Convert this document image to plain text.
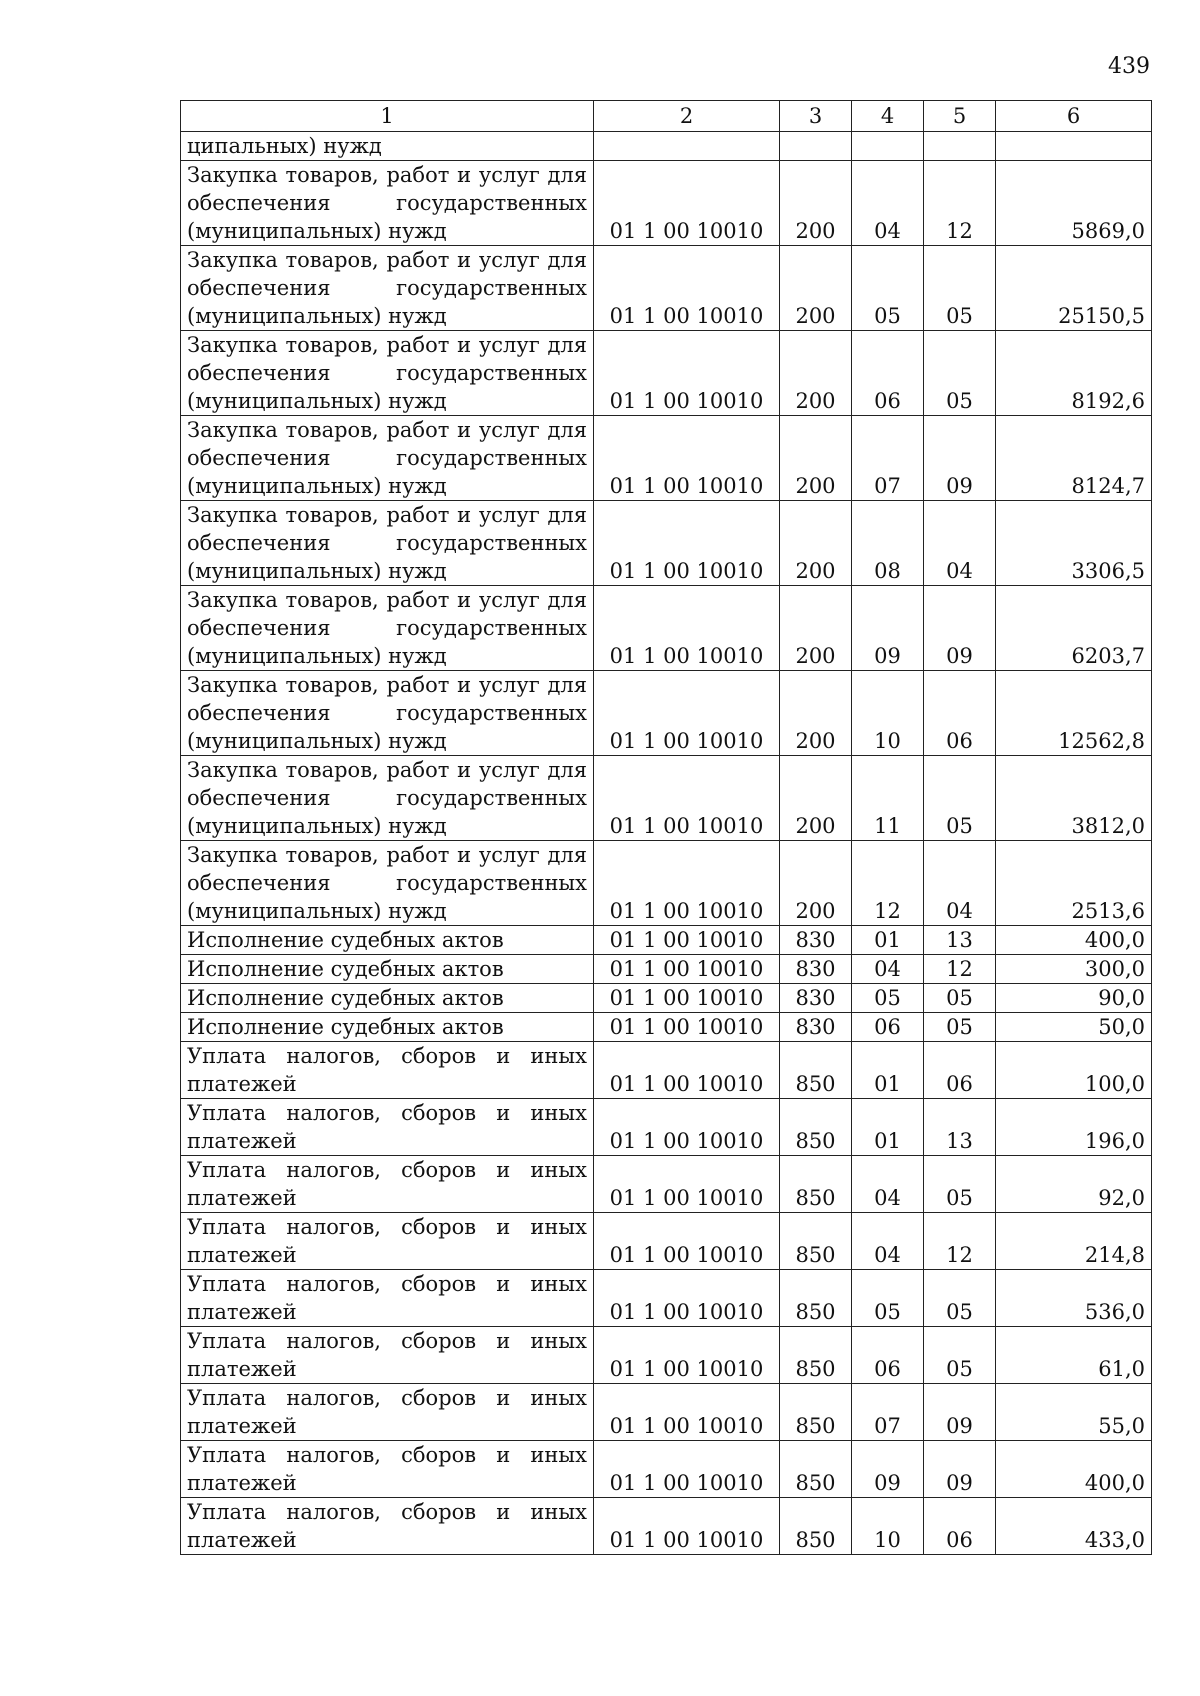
439
1	2	3	4	5	6
ципальных) нужд					
Закупка товаров, работ и услуг для обеспечения государственных (муниципальных) нужд	01 1 00 10010	200	04	12	5869,0
Закупка товаров, работ и услуг для обеспечения государственных (муниципальных) нужд	01 1 00 10010	200	05	05	25150,5
Закупка товаров, работ и услуг для обеспечения государственных (муниципальных) нужд	01 1 00 10010	200	06	05	8192,6
Закупка товаров, работ и услуг для обеспечения государственных (муниципальных) нужд	01 1 00 10010	200	07	09	8124,7
Закупка товаров, работ и услуг для обеспечения государственных (муниципальных) нужд	01 1 00 10010	200	08	04	3306,5
Закупка товаров, работ и услуг для обеспечения государственных (муниципальных) нужд	01 1 00 10010	200	09	09	6203,7
Закупка товаров, работ и услуг для обеспечения государственных (муниципальных) нужд	01 1 00 10010	200	10	06	12562,8
Закупка товаров, работ и услуг для обеспечения государственных (муниципальных) нужд	01 1 00 10010	200	11	05	3812,0
Закупка товаров, работ и услуг для обеспечения государственных (муниципальных) нужд	01 1 00 10010	200	12	04	2513,6
Исполнение судебных актов	01 1 00 10010	830	01	13	400,0
Исполнение судебных актов	01 1 00 10010	830	04	12	300,0
Исполнение судебных актов	01 1 00 10010	830	05	05	90,0
Исполнение судебных актов	01 1 00 10010	830	06	05	50,0
Уплата налогов, сборов и иных платежей	01 1 00 10010	850	01	06	100,0
Уплата налогов, сборов и иных платежей	01 1 00 10010	850	01	13	196,0
Уплата налогов, сборов и иных платежей	01 1 00 10010	850	04	05	92,0
Уплата налогов, сборов и иных платежей	01 1 00 10010	850	04	12	214,8
Уплата налогов, сборов и иных платежей	01 1 00 10010	850	05	05	536,0
Уплата налогов, сборов и иных платежей	01 1 00 10010	850	06	05	61,0
Уплата налогов, сборов и иных платежей	01 1 00 10010	850	07	09	55,0
Уплата налогов, сборов и иных платежей	01 1 00 10010	850	09	09	400,0
Уплата налогов, сборов и иных платежей	01 1 00 10010	850	10	06	433,0
